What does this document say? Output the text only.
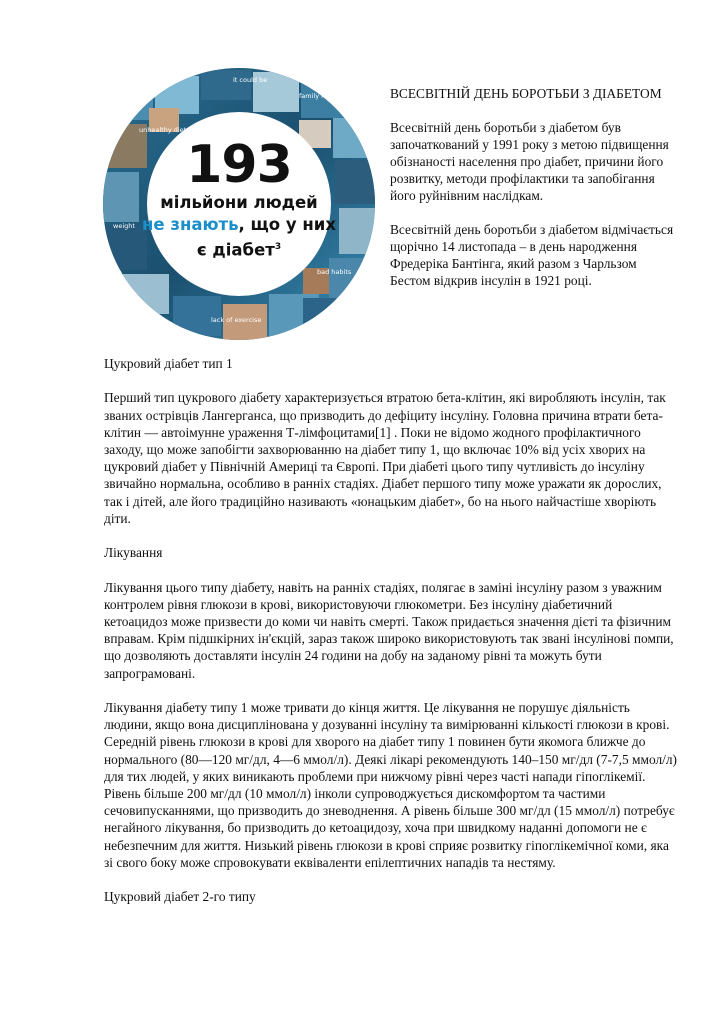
it could be
family history
unhealthy diet
weight
bad habits
lack of exercise
193
мільйони людей
не знають, що у них
є діабет$^3$

ВСЕСВІТНІЙ ДЕНЬ БОРОТЬБИ З ДІАБЕТОМ

Всесвітній день боротьби з діабетом був започаткований у 1991 року з метою підвищення обізнаності населення про діабет, причини його розвитку, методи профілактики та запобігання його руйнівним наслідкам.

Всесвітній день боротьби з діабетом відмічається щорічно 14 листопада – в день народження Фредеріка Бантінга, який разом з Чарльзом Бестом відкрив інсулін в 1921 році.

Цукровий діабет тип 1

Перший тип цукрового діабету характеризується втратою бета-клітин, які виробляють інсулін, так званих острівців Лангерганса, що призводить до дефіциту інсуліну. Головна причина втрати бета-клітин — автоімунне ураження Т-лімфоцитами[1] . Поки не відомо жодного профілактичного заходу, що може запобігти захворюванню на діабет типу 1, що включає 10% від усіх хворих на цукровий діабет у Північній Америці та Європі. При діабеті цього типу чутливість до інсуліну звичайно нормальна, особливо в ранніх стадіях. Діабет першого типу може уражати як дорослих, так і дітей, але його традиційно називають «юнацьким діабет», бо на нього найчастіше хворіють діти.

Лікування

Лікування цього типу діабету, навіть на ранніх стадіях, полягає в заміні інсуліну разом з уважним контролем рівня глюкози в крові, використовуючи глюкометри. Без інсуліну діабетичний кетоацидоз може призвести до коми чи навіть смерті. Також придається значення дієті та фізичним вправам. Крім підшкірних ін'єкцій, зараз також широко використовують так звані інсулінові помпи, що дозволяють доставляти інсулін 24 години на добу на заданому рівні та можуть бути запрограмовані.

Лікування діабету типу 1 може тривати до кінця життя. Це лікування не порушує діяльність людини, якщо вона дисциплінована у дозуванні інсуліну та вимірюванні кількості глюкози в крові. Середній рівень глюкози в крові для хворого на діабет типу 1 повинен бути якомога ближче до нормального (80—120 мг/дл, 4—6 ммол/л). Деякі лікарі рекомендують 140–150 мг/дл (7-7,5 ммол/л) для тих людей, у яких виникають проблеми при нижчому рівні через часті напади гіпоглікемії. Рівень більше 200 мг/дл (10 ммол/л) інколи супроводжується дискомфортом та частими сечовипусканнями, що призводить до зневоднення. А рівень більше 300 мг/дл (15 ммол/л) потребує негайного лікування, бо призводить до кетоацидозу, хоча при швидкому наданні допомоги не є небезпечним для життя. Низький рівень глюкози в крові сприяє розвитку гіпоглікемічної коми, яка зі свого боку може спровокувати еквіваленти епілептичних нападів та нестяму.

Цукровий діабет 2-го типу
